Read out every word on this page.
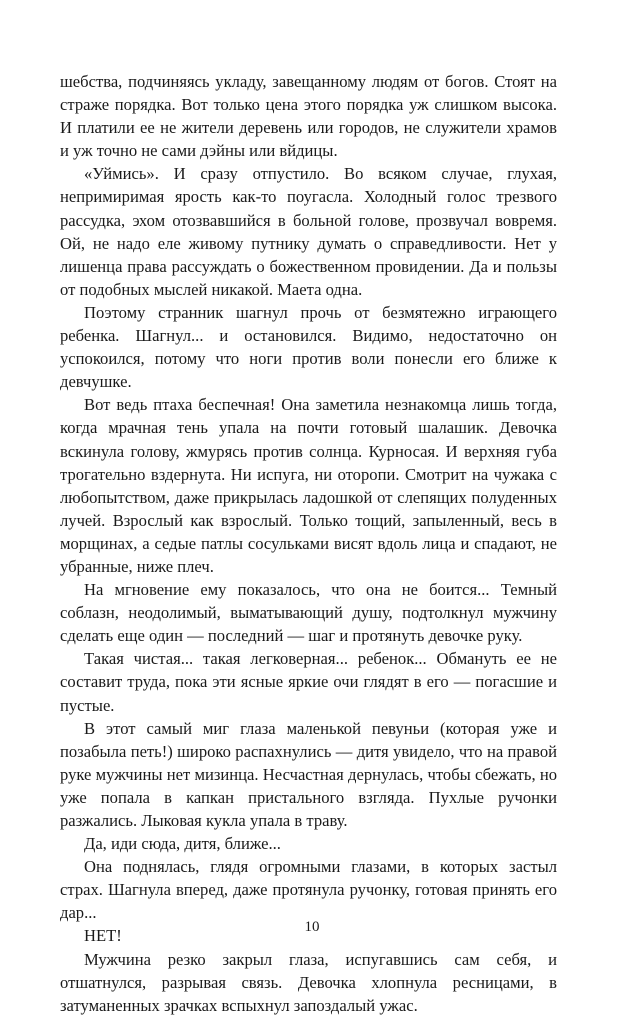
шебства, подчиняясь укладу, завещанному людям от богов. Стоят на страже порядка. Вот только цена этого порядка уж слишком высока. И платили ее не жители деревень или городов, не служители храмов и уж точно не сами дэйны или вйдицы.

«Уймись». И сразу отпустило. Во всяком случае, глухая, непримиримая ярость как-то поугасла. Холодный голос трезвого рассудка, эхом отозвавшийся в больной голове, прозвучал вовремя. Ой, не надо еле живому путнику думать о справедливости. Нет у лишенца права рассуждать о божественном провидении. Да и пользы от подобных мыслей никакой. Маета одна.

Поэтому странник шагнул прочь от безмятежно играющего ребенка. Шагнул... и остановился. Видимо, недостаточно он успокоился, потому что ноги против воли понесли его ближе к девчушке.

Вот ведь птаха беспечная! Она заметила незнакомца лишь тогда, когда мрачная тень упала на почти готовый шалашик. Девочка вскинула голову, жмурясь против солнца. Курносая. И верхняя губа трогательно вздернута. Ни испуга, ни оторопи. Смотрит на чужака с любопытством, даже прикрылась ладошкой от слепящих полуденных лучей. Взрослый как взрослый. Только тощий, запыленный, весь в морщинах, а седые патлы сосульками висят вдоль лица и спадают, не убранные, ниже плеч.

На мгновение ему показалось, что она не боится... Темный соблазн, неодолимый, выматывающий душу, подтолкнул мужчину сделать еще один — последний — шаг и протянуть девочке руку.

Такая чистая... такая легковерная... ребенок... Обмануть ее не составит труда, пока эти ясные яркие очи глядят в его — погасшие и пустые.

В этот самый миг глаза маленькой певуньи (которая уже и позабыла петь!) широко распахнулись — дитя увидело, что на правой руке мужчины нет мизинца. Несчастная дернулась, чтобы сбежать, но уже попала в капкан пристального взгляда. Пухлые ручонки разжались. Лыковая кукла упала в траву.

Да, иди сюда, дитя, ближе...

Она поднялась, глядя огромными глазами, в которых застыл страх. Шагнула вперед, даже протянула ручонку, готовая принять его дар...

НЕТ!

Мужчина резко закрыл глаза, испугавшись сам себя, и отшатнулся, разрывая связь. Девочка хлопнула ресницами, в затуманенных зрачках вспыхнул запоздалый ужас.

10
